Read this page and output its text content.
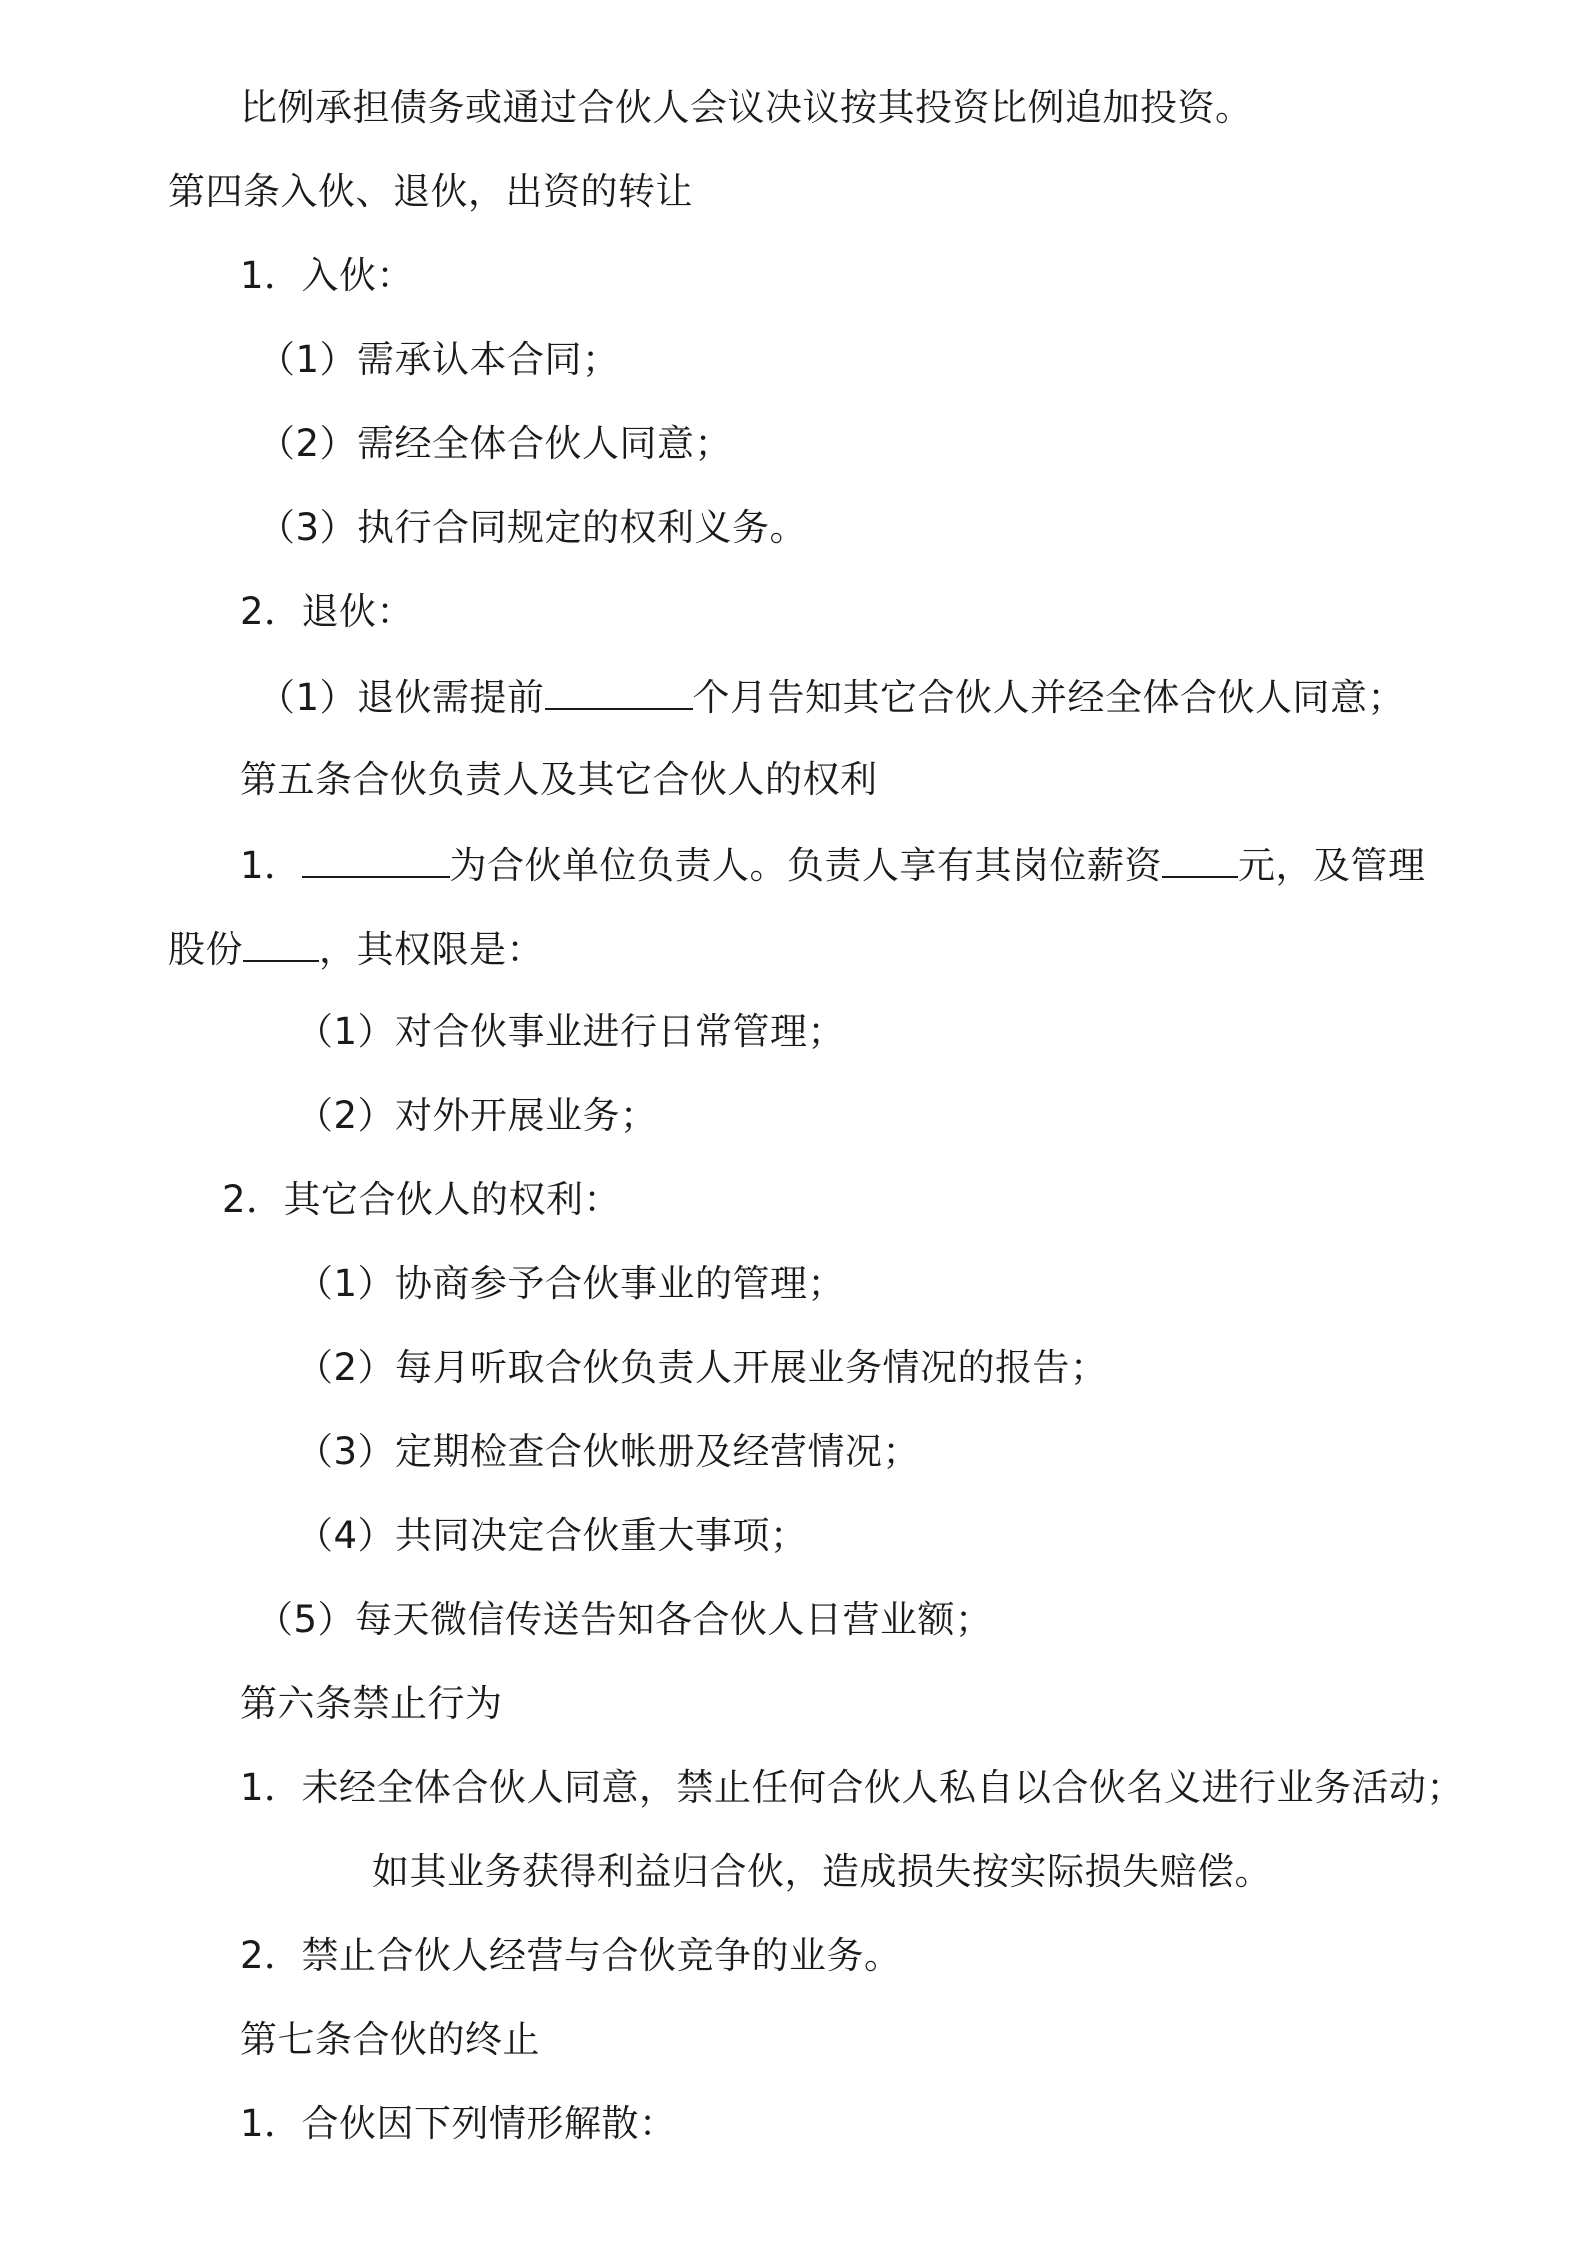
比例承担债务或通过合伙人会议决议按其投资比例追加投资。
第四条入伙、退伙，出资的转让
1．入伙：
（1）需承认本合同；
（2）需经全体合伙人同意；
（3）执行合同规定的权利义务。
2．退伙：
（1）退伙需提前	个月告知其它合伙人并经全体合伙人同意；
第五条合伙负责人及其它合伙人的权利
1．	为合伙单位负责人。负责人享有其岗位薪资 元，及管理
股份 ，其权限是：
（1）对合伙事业进行日常管理；
（2）对外开展业务；
2．其它合伙人的权利：
（1）协商参予合伙事业的管理；
（2）每月听取合伙负责人开展业务情况的报告；
（3）定期检查合伙帐册及经营情况；
（4）共同决定合伙重大事项；
（5）每天微信传送告知各合伙人日营业额；
第六条禁止行为
1．未经全体合伙人同意，禁止任何合伙人私自以合伙名义进行业务活动；
如其业务获得利益归合伙，造成损失按实际损失赔偿。
2．禁止合伙人经营与合伙竞争的业务。
第七条合伙的终止
1．合伙因下列情形解散：
